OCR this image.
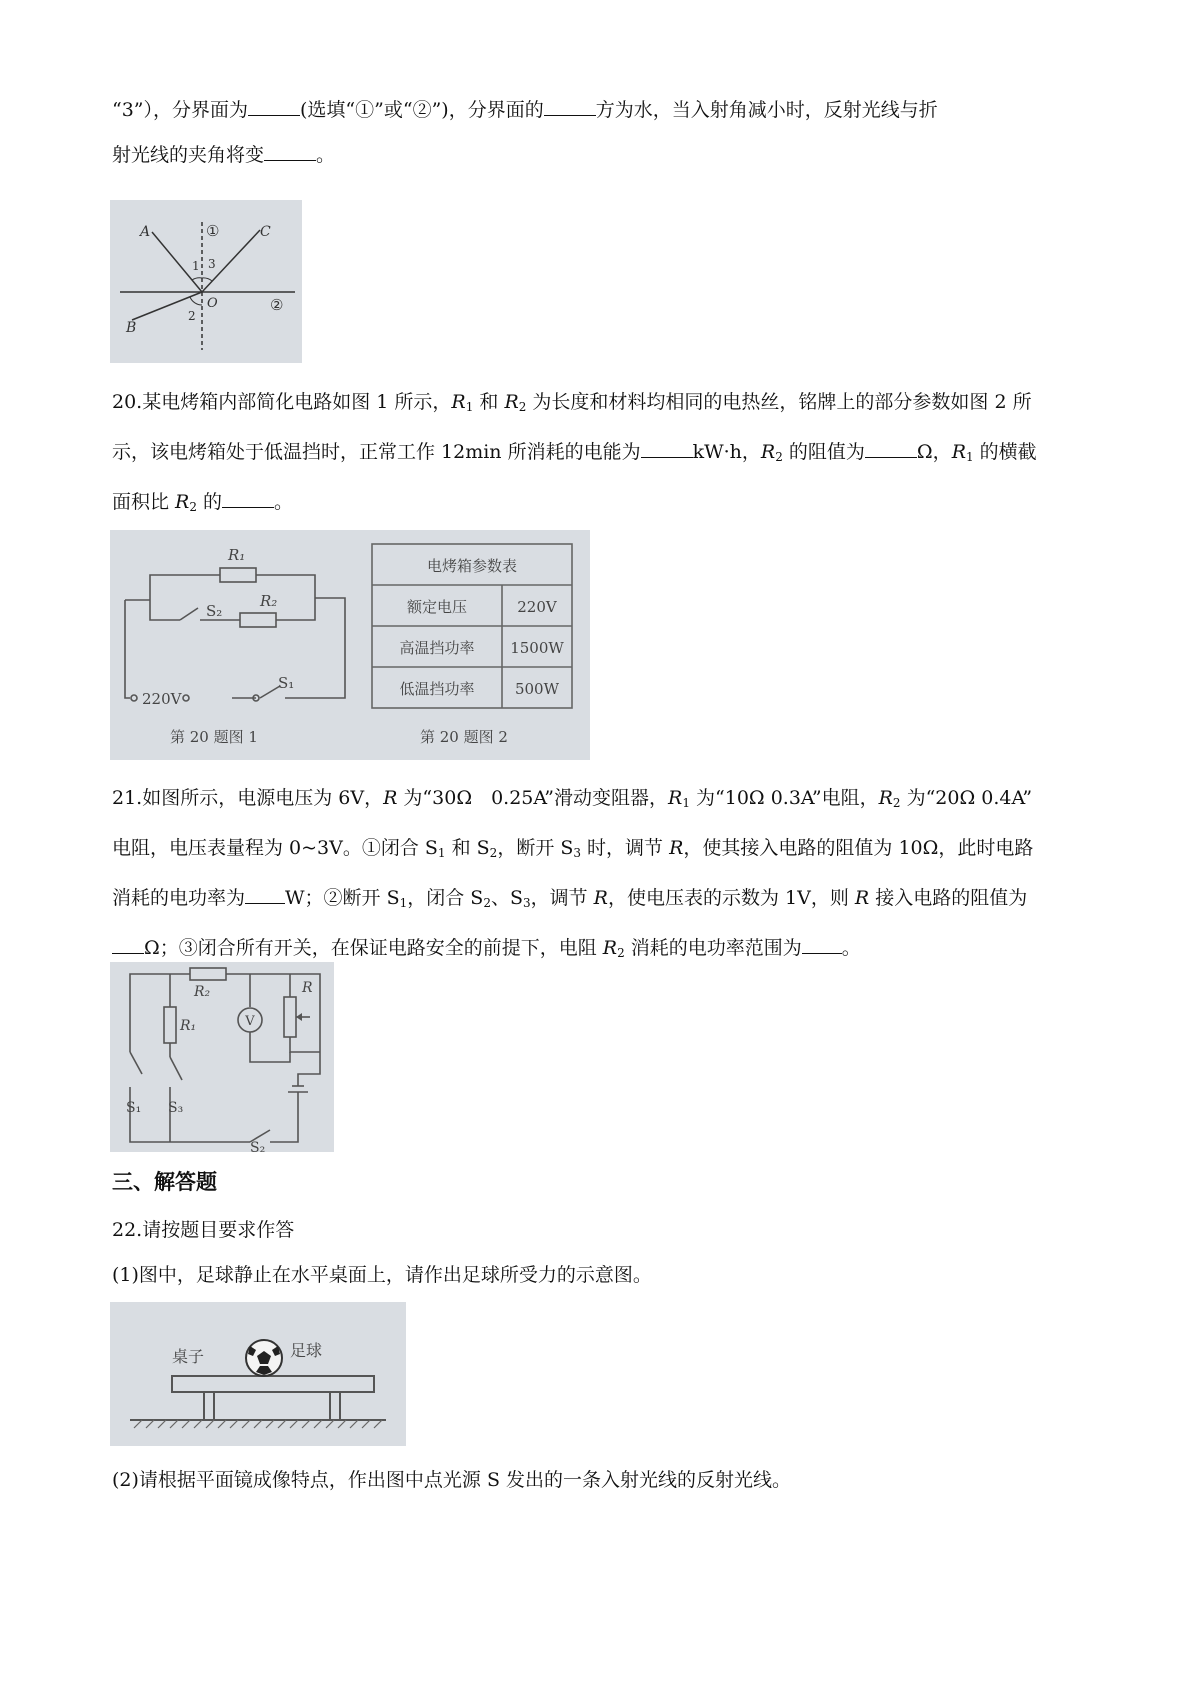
“3”），分界面为	(选填“①”或“②”)，分界面的	方为水，当入射角减小时，反射光线与折
射光线的夹角将变	。
A	C
B
O
1 3
2
①
②
20.某电烤箱内部简化电路如图 1 所示，$R_1$ 和 $R_2$ 为长度和材料均相同的电热丝，铭牌上的部分参数如图 2 所
示，该电烤箱处于低温挡时，正常工作 12min 所消耗的电能为	kW·h，$R_2$ 的阻值为	Ω，$R_1$ 的横截
面积比 $R_2$ 的	。
R₁
R₂
S₂
S₁
220V
第 20 题图 1
电烤箱参数表
额定电压	220V
高温挡功率 1500W
低温挡功率	500W
第 20 题图 2
21.如图所示，电源电压为 6V，R 为“30Ω　0.25A”滑动变阻器，$R_1$ 为“10Ω 0.3A”电阻，$R_2$ 为“20Ω 0.4A”
电阻，电压表量程为 0~3V。①闭合 $S_1$ 和 $S_2$，断开 $S_3$ 时，调节 R，使其接入电路的阻值为 10Ω，此时电路
消耗的电功率为 W；②断开 $S_1$，闭合 $S_2$、$S_3$，调节 R，使电压表的示数为 1V，则 R 接入电路的阻值为
Ω；③闭合所有开关，在保证电路安全的前提下，电阻 $R_2$ 消耗的电功率范围为 。
V
R₂
R₁
R
S₁ S₃
S₂
三、解答题
22.请按题目要求作答
(1)图中，足球静止在水平桌面上，请作出足球所受力的示意图。
桌子	足球
(2)请根据平面镜成像特点，作出图中点光源 S 发出的一条入射光线的反射光线。
